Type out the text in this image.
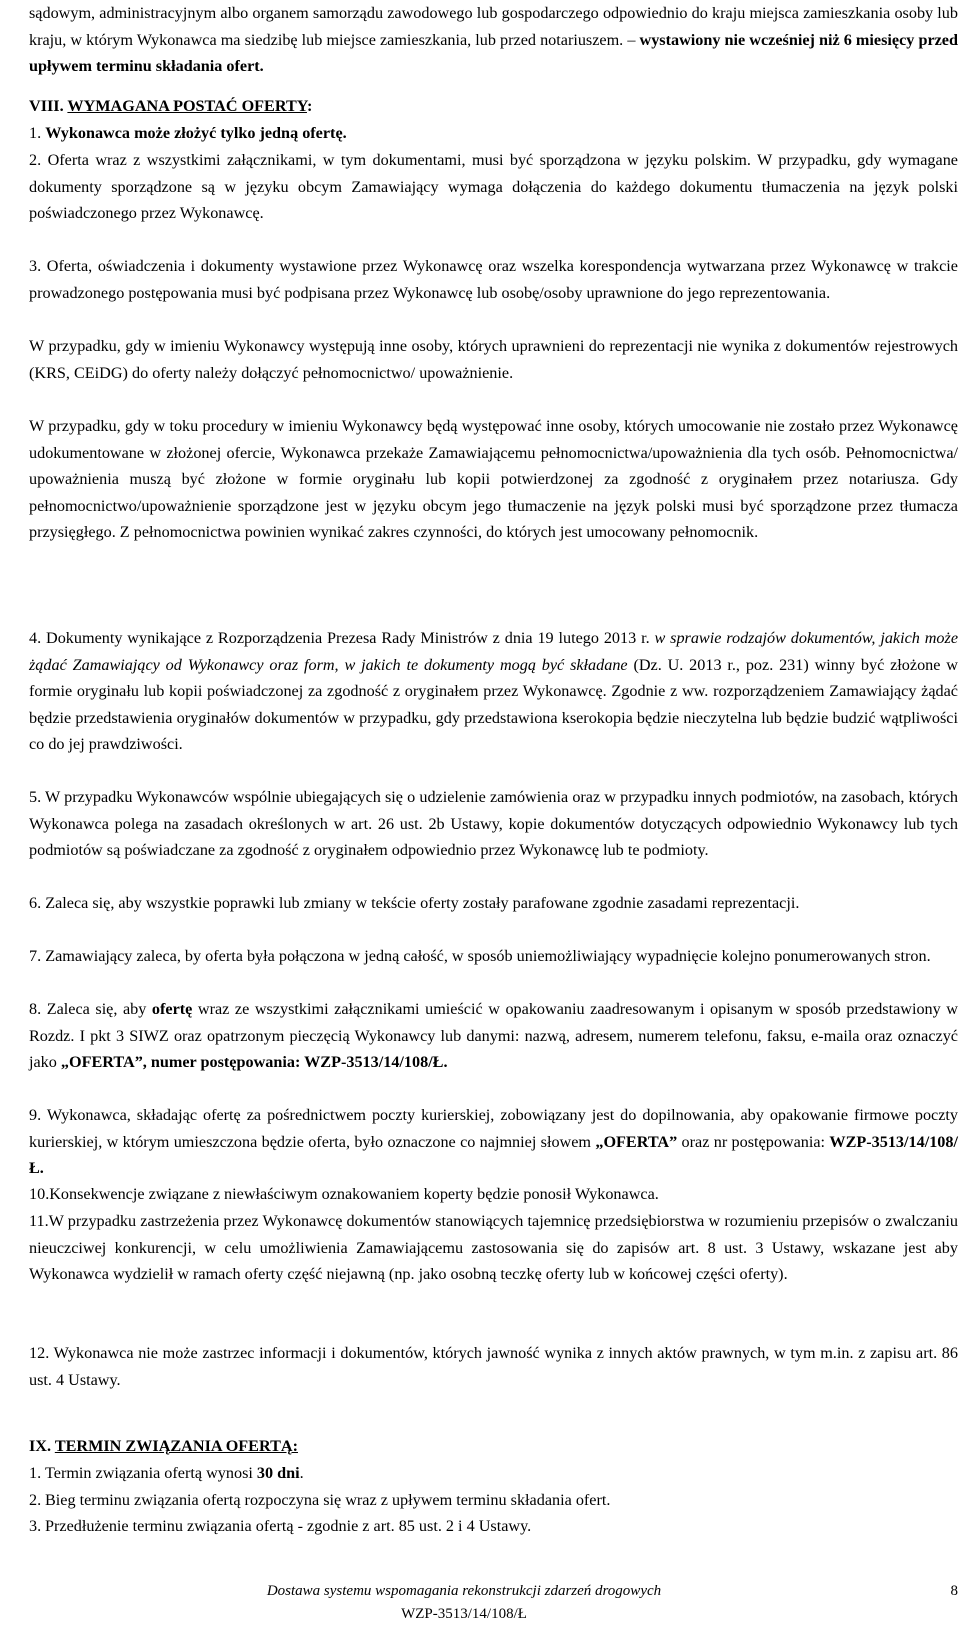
sądowym, administracyjnym albo organem samorządu zawodowego lub gospodarczego odpowiednio do kraju miejsca zamieszkania osoby lub kraju, w którym Wykonawca ma siedzibę lub miejsce zamieszkania, lub przed notariuszem. – wystawiony nie wcześniej niż 6 miesięcy przed upływem terminu składania ofert.
VIII. WYMAGANA POSTAĆ OFERTY:
1. Wykonawca może złożyć tylko jedną ofertę.
2. Oferta wraz z wszystkimi załącznikami, w tym dokumentami, musi być sporządzona w języku polskim. W przypadku, gdy wymagane dokumenty sporządzone są w języku obcym Zamawiający wymaga dołączenia do każdego dokumentu tłumaczenia na język polski poświadczonego przez Wykonawcę.
3. Oferta, oświadczenia i dokumenty wystawione przez Wykonawcę oraz wszelka korespondencja wytwarzana przez Wykonawcę w trakcie prowadzonego postępowania musi być podpisana przez Wykonawcę lub osobę/osoby uprawnione do jego reprezentowania.
W przypadku, gdy w imieniu Wykonawcy występują inne osoby, których uprawnieni do reprezentacji nie wynika z dokumentów rejestrowych (KRS, CEiDG) do oferty należy dołączyć pełnomocnictwo/ upoważnienie.
W przypadku, gdy w toku procedury w imieniu Wykonawcy będą występować inne osoby, których umocowanie nie zostało przez Wykonawcę udokumentowane w złożonej ofercie, Wykonawca przekaże Zamawiającemu pełnomocnictwa/upoważnienia dla tych osób. Pełnomocnictwa/ upoważnienia muszą być złożone w formie oryginału lub kopii potwierdzonej za zgodność z oryginałem przez notariusza. Gdy pełnomocnictwo/upoważnienie sporządzone jest w języku obcym jego tłumaczenie na język polski musi być sporządzone przez tłumacza przysięgłego. Z pełnomocnictwa powinien wynikać zakres czynności, do których jest umocowany pełnomocnik.
4. Dokumenty wynikające z Rozporządzenia Prezesa Rady Ministrów z dnia 19 lutego 2013 r. w sprawie rodzajów dokumentów, jakich może żądać Zamawiający od Wykonawcy oraz form, w jakich te dokumenty mogą być składane (Dz. U. 2013 r., poz. 231) winny być złożone w formie oryginału lub kopii poświadczonej za zgodność z oryginałem przez Wykonawcę. Zgodnie z ww. rozporządzeniem Zamawiający żądać będzie przedstawienia oryginałów dokumentów w przypadku, gdy przedstawiona kserokopia będzie nieczytelna lub będzie budzić wątpliwości co do jej prawdziwości.
5. W przypadku Wykonawców wspólnie ubiegających się o udzielenie zamówienia oraz w przypadku innych podmiotów, na zasobach, których Wykonawca polega na zasadach określonych w art. 26 ust. 2b Ustawy, kopie dokumentów dotyczących odpowiednio Wykonawcy lub tych podmiotów są poświadczane za zgodność z oryginałem odpowiednio przez Wykonawcę lub te podmioty.
6. Zaleca się, aby wszystkie poprawki lub zmiany w tekście oferty zostały parafowane zgodnie zasadami reprezentacji.
7. Zamawiający zaleca, by oferta była połączona w jedną całość, w sposób uniemożliwiający wypadnięcie kolejno ponumerowanych stron.
8. Zaleca się, aby ofertę wraz ze wszystkimi załącznikami umieścić w opakowaniu zaadresowanym i opisanym w sposób przedstawiony w Rozdz. I pkt 3 SIWZ oraz opatrzonym pieczęcią Wykonawcy lub danymi: nazwą, adresem, numerem telefonu, faksu, e-maila oraz oznaczyć jako „OFERTA”, numer postępowania: WZP-3513/14/108/Ł.
9. Wykonawca, składając ofertę za pośrednictwem poczty kurierskiej, zobowiązany jest do dopilnowania, aby opakowanie firmowe poczty kurierskiej, w którym umieszczona będzie oferta, było oznaczone co najmniej słowem „OFERTA” oraz nr postępowania: WZP-3513/14/108/Ł.
10.Konsekwencje związane z niewłaściwym oznakowaniem koperty będzie ponosił Wykonawca.
11.W przypadku zastrzeżenia przez Wykonawcę dokumentów stanowiących tajemnicę przedsiębiorstwa w rozumieniu przepisów o zwalczaniu nieuczciwej konkurencji, w celu umożliwienia Zamawiającemu zastosowania się do zapisów art. 8 ust. 3 Ustawy, wskazane jest aby Wykonawca wydzielił w ramach oferty część niejawną (np. jako osobną teczkę oferty lub w końcowej części oferty).
12. Wykonawca nie może zastrzec informacji i dokumentów, których jawność wynika z innych aktów prawnych, w tym m.in. z zapisu art. 86 ust. 4 Ustawy.
IX. TERMIN ZWIĄZANIA OFERTĄ:
1. Termin związania ofertą wynosi 30 dni.
2. Bieg terminu związania ofertą rozpoczyna się wraz z upływem terminu składania ofert.
3. Przedłużenie terminu związania ofertą - zgodnie z art. 85 ust. 2 i 4 Ustawy.
Dostawa systemu wspomagania rekonstrukcji zdarzeń drogowych
WZP-3513/14/108/Ł
8
